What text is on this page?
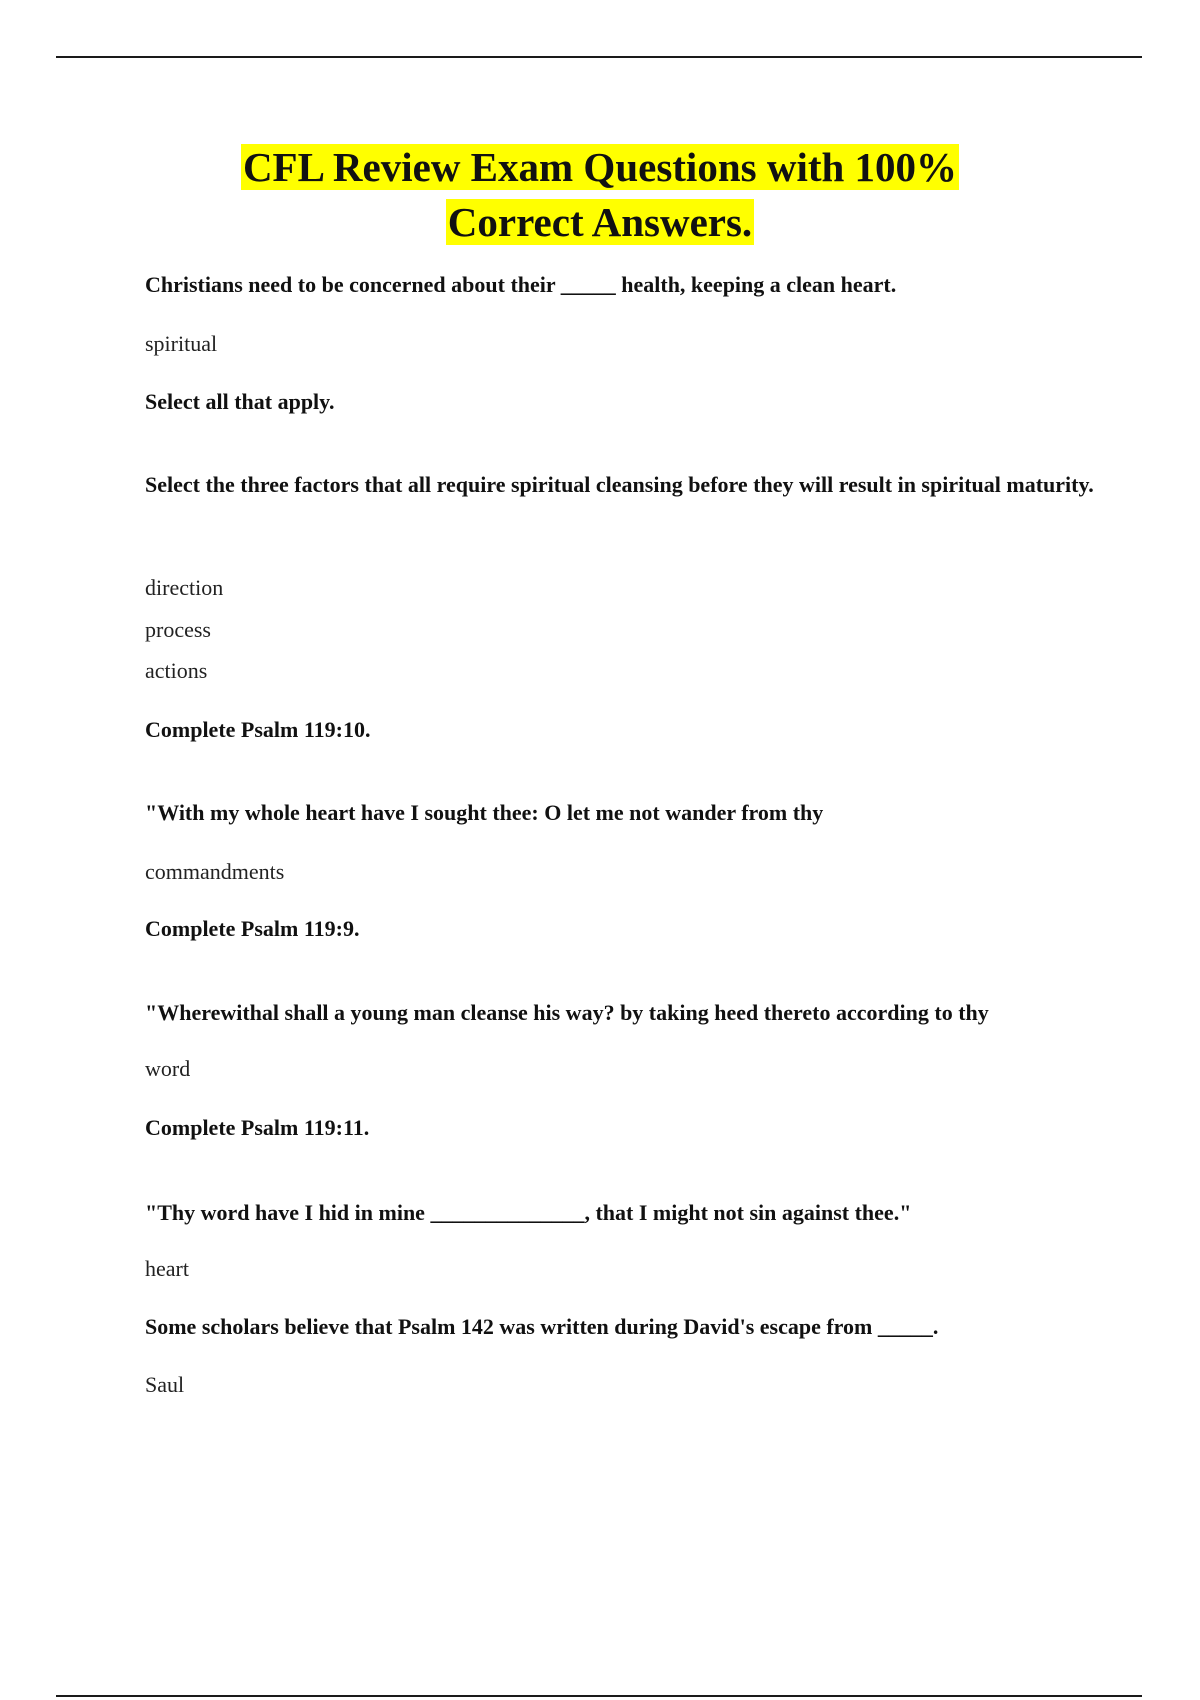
CFL Review Exam Questions with 100%
Correct Answers.
Christians need to be concerned about their _____ health, keeping a clean heart.
spiritual
Select all that apply.
Select the three factors that all require spiritual cleansing before they will result in spiritual maturity.
direction
process
actions
Complete Psalm 119:10.
"With my whole heart have I sought thee: O let me not wander from thy
commandments
Complete Psalm 119:9.
"Wherewithal shall a young man cleanse his way? by taking heed thereto according to thy
word
Complete Psalm 119:11.
"Thy word have I hid in mine ______________, that I might not sin against thee."
heart
Some scholars believe that Psalm 142 was written during David's escape from _____.
Saul
